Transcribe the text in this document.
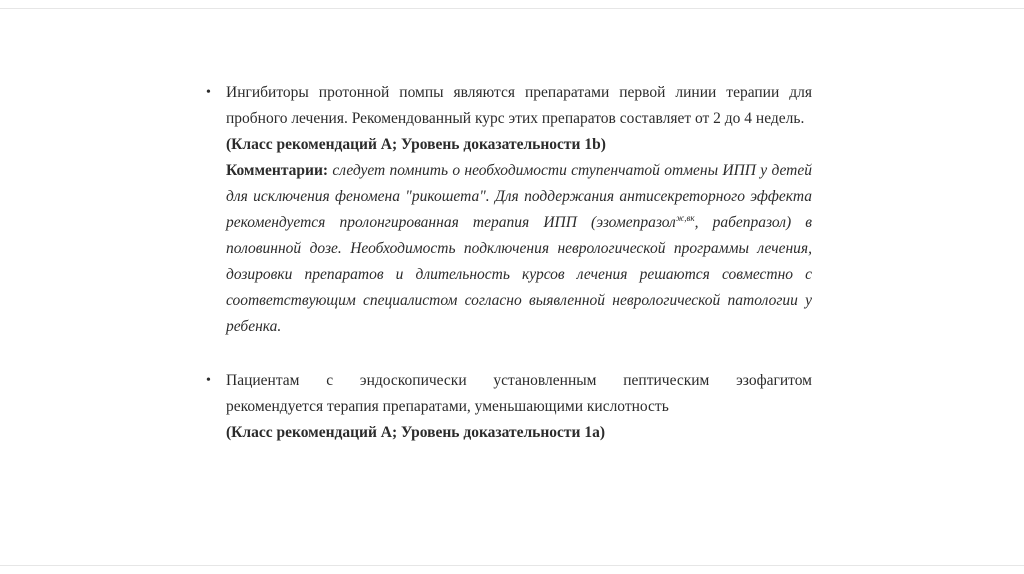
• Ингибиторы протонной помпы являются препаратами первой линии терапии для пробного лечения. Рекомендованный курс этих препаратов составляет от 2 до 4 недель.

(Класс рекомендаций A; Уровень доказательности 1b)

Комментарии: следует помнить о необходимости ступенчатой отмены ИПП у детей для исключения феномена "рикошета". Для поддержания антисекреторного эффекта рекомендуется пролонгированная терапия ИПП (эзомепразол$^{ж,вк}$, рабепразол) в половинной дозе. Необходимость подключения неврологической программы лечения, дозировки препаратов и длительность курсов лечения решаются совместно с соответствующим специалистом согласно выявленной неврологической патологии у ребенка.

• Пациентам с эндоскопически установленным пептическим эзофагитом

рекомендуется терапия препаратами, уменьшающими кислотность

(Класс рекомендаций A; Уровень доказательности 1a)
